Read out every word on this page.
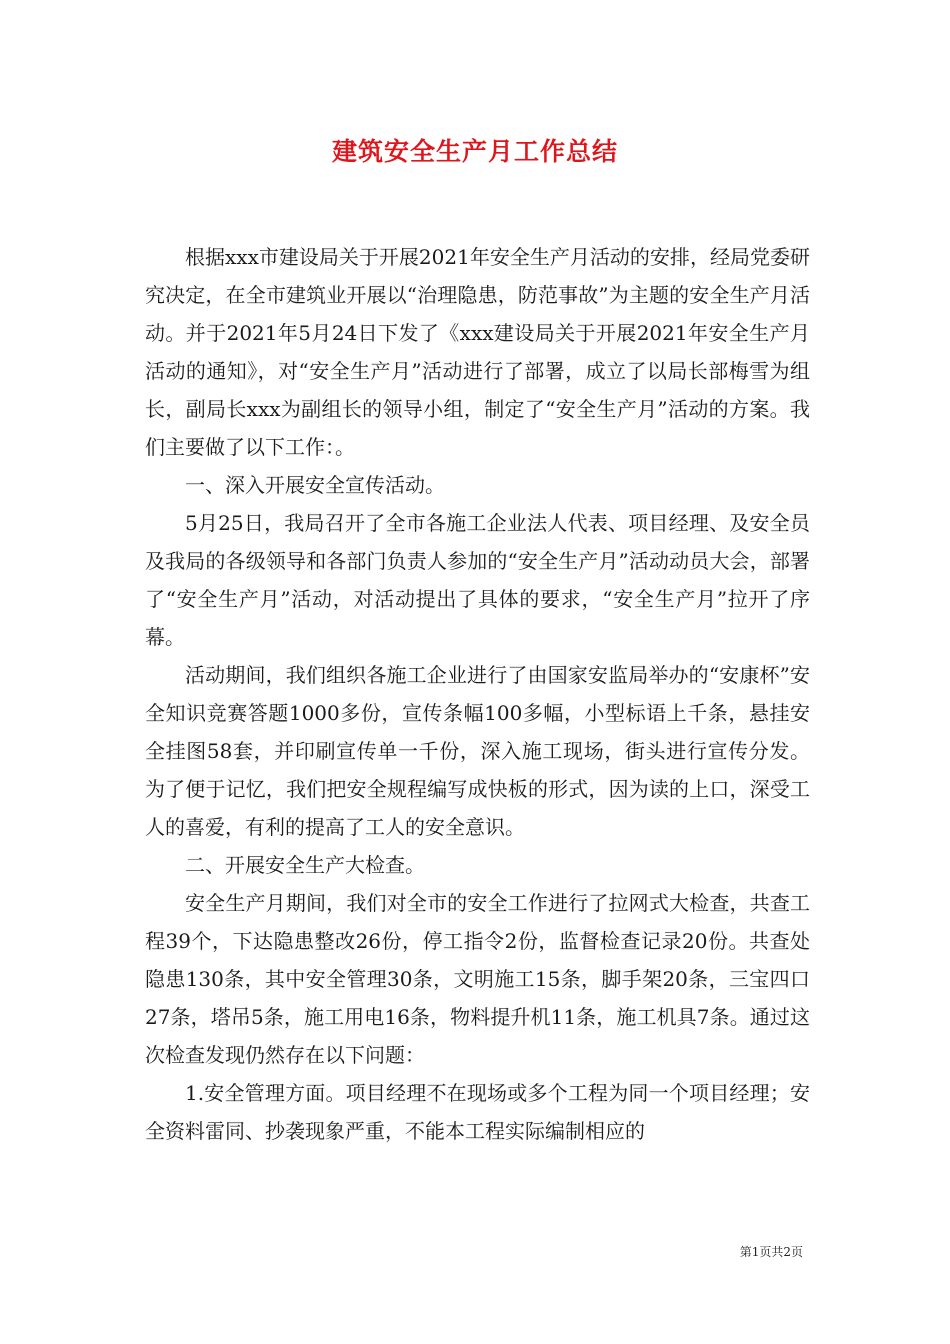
建筑安全生产月工作总结

根据xxx市建设局关于开展2021年安全生产月活动的安排，经局党委研究决定，在全市建筑业开展以“治理隐患，防范事故”为主题的安全生产月活动。并于2021年5月24日下发了《xxx建设局关于开展2021年安全生产月活动的通知》，对“安全生产月”活动进行了部署，成立了以局长部梅雪为组长，副局长xxx为副组长的领导小组，制定了“安全生产月”活动的方案。我们主要做了以下工作：。

一、深入开展安全宣传活动。

5月25日，我局召开了全市各施工企业法人代表、项目经理、及安全员及我局的各级领导和各部门负责人参加的“安全生产月”活动动员大会，部署了“安全生产月”活动，对活动提出了具体的要求，“安全生产月”拉开了序幕。

活动期间，我们组织各施工企业进行了由国家安监局举办的“安康杯”安全知识竞赛答题1000多份，宣传条幅100多幅，小型标语上千条，悬挂安全挂图58套，并印刷宣传单一千份，深入施工现场，街头进行宣传分发。为了便于记忆，我们把安全规程编写成快板的形式，因为读的上口，深受工人的喜爱，有利的提高了工人的安全意识。

二、开展安全生产大检查。

安全生产月期间，我们对全市的安全工作进行了拉网式大检查，共查工程39个，下达隐患整改26份，停工指令2份，监督检查记录20份。共查处隐患130条，其中安全管理30条，文明施工15条，脚手架20条，三宝四口27条，塔吊5条，施工用电16条，物料提升机11条，施工机具7条。通过这次检查发现仍然存在以下问题：

1.安全管理方面。项目经理不在现场或多个工程为同一个项目经理；安全资料雷同、抄袭现象严重，不能本工程实际编制相应的

第1页共2页
